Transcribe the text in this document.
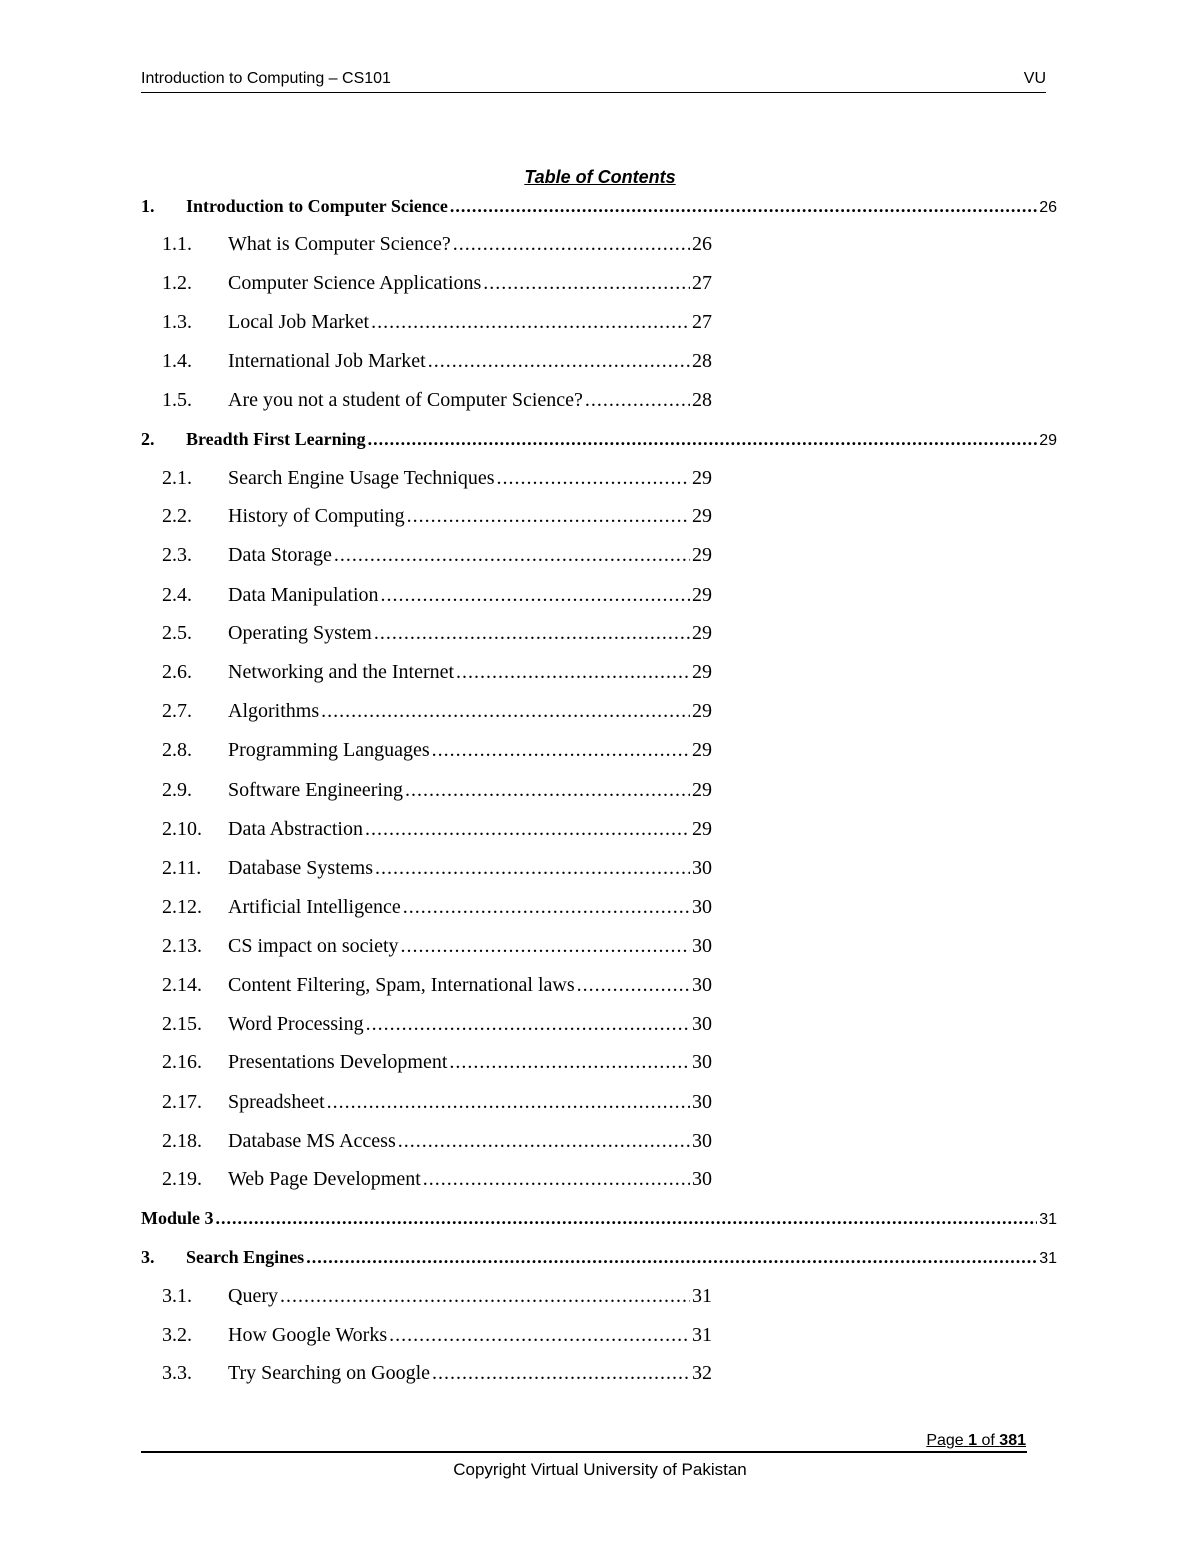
Introduction to Computing – CS101	VU
Table of Contents
1.	Introduction to Computer Science .....	26
1.1.	What is Computer Science? .....	26
1.2.	Computer Science Applications .....	27
1.3.	Local Job Market .....	27
1.4.	International Job Market .....	28
1.5.	Are you not a student of Computer Science? .....	28
2.	Breadth First Learning .....	29
2.1.	Search Engine Usage Techniques .....	29
2.2.	History of Computing .....	29
2.3.	Data Storage .....	29
2.4.	Data Manipulation .....	29
2.5.	Operating System .....	29
2.6.	Networking and the Internet .....	29
2.7.	Algorithms .....	29
2.8.	Programming Languages .....	29
2.9.	Software Engineering .....	29
2.10.	Data Abstraction .....	29
2.11.	Database Systems .....	30
2.12.	Artificial Intelligence .....	30
2.13.	CS impact on society .....	30
2.14.	Content Filtering, Spam, International laws .....	30
2.15.	Word Processing .....	30
2.16.	Presentations Development .....	30
2.17.	Spreadsheet .....	30
2.18.	Database MS Access .....	30
2.19.	Web Page Development .....	30
Module 3 .....	31
3.	Search Engines .....	31
3.1.	Query .....	31
3.2.	How Google Works .....	31
3.3.	Try Searching on Google .....	32
Page 1 of 381
Copyright Virtual University of Pakistan
